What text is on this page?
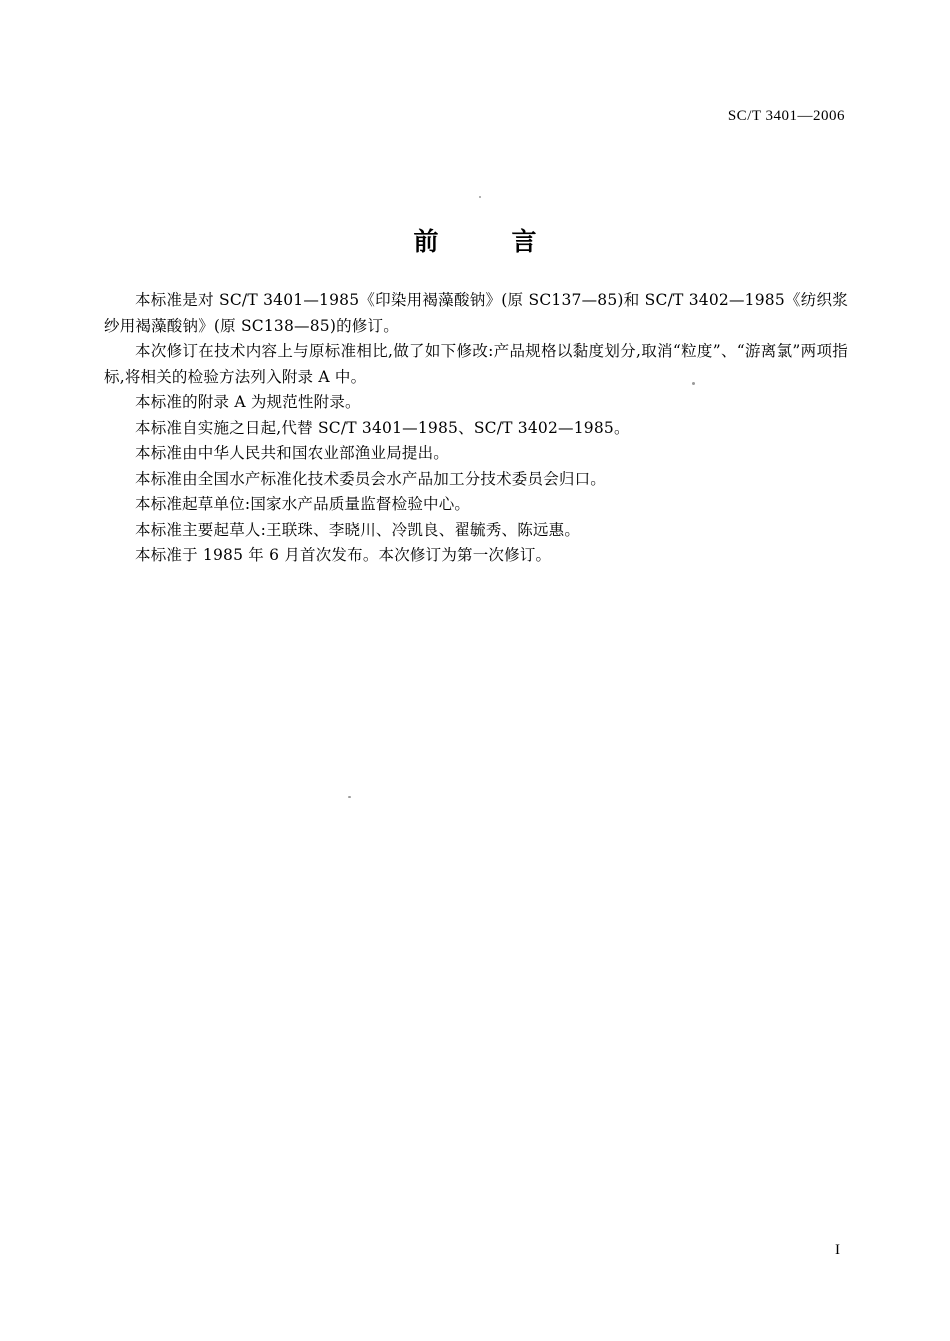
SC/T 3401—2006
前　言

本标准是对 SC/T 3401—1985《印染用褐藻酸钠》(原 SC137—85)和 SC/T 3402—1985《纺织浆纱用褐藻酸钠》(原 SC138—85)的修订。

本次修订在技术内容上与原标准相比,做了如下修改:产品规格以黏度划分,取消“粒度”、“游离氯”两项指标,将相关的检验方法列入附录 A 中。

本标准的附录 A 为规范性附录。

本标准自实施之日起,代替 SC/T 3401—1985、SC/T 3402—1985。

本标准由中华人民共和国农业部渔业局提出。

本标准由全国水产标准化技术委员会水产品加工分技术委员会归口。

本标准起草单位:国家水产品质量监督检验中心。

本标准主要起草人:王联珠、李晓川、冷凯良、翟毓秀、陈远惠。

本标准于 1985 年 6 月首次发布。本次修订为第一次修订。

I
